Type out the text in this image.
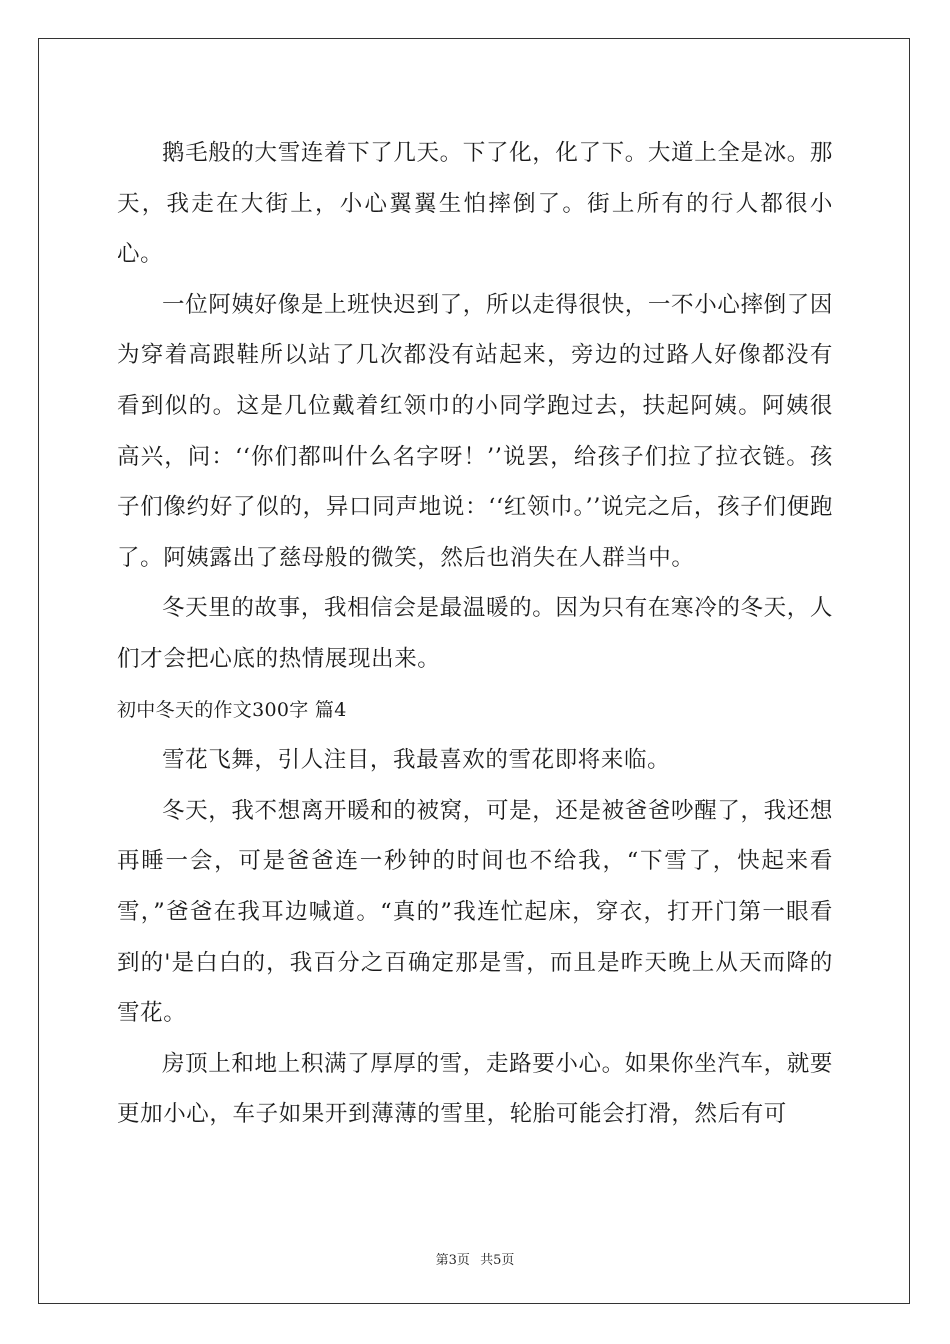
鹅毛般的大雪连着下了几天。下了化，化了下。大道上全是冰。那天，我走在大街上，小心翼翼生怕摔倒了。街上所有的行人都很小心。

一位阿姨好像是上班快迟到了，所以走得很快，一不小心摔倒了因为穿着高跟鞋所以站了几次都没有站起来，旁边的过路人好像都没有看到似的。这是几位戴着红领巾的小同学跑过去，扶起阿姨。阿姨很高兴，问：‘‘你们都叫什么名字呀！’’说罢，给孩子们拉了拉衣链。孩子们像约好了似的，异口同声地说：‘‘红领巾。’’说完之后，孩子们便跑了。阿姨露出了慈母般的微笑，然后也消失在人群当中。

冬天里的故事，我相信会是最温暖的。因为只有在寒冷的冬天，人们才会把心底的热情展现出来。

初中冬天的作文300字 篇4

雪花飞舞，引人注目，我最喜欢的雪花即将来临。

冬天，我不想离开暖和的被窝，可是，还是被爸爸吵醒了，我还想再睡一会，可是爸爸连一秒钟的时间也不给我，“下雪了，快起来看雪，”爸爸在我耳边喊道。“真的”我连忙起床，穿衣，打开门第一眼看到的'是白白的，我百分之百确定那是雪，而且是昨天晚上从天而降的雪花。

房顶上和地上积满了厚厚的雪，走路要小心。如果你坐汽车，就要更加小心，车子如果开到薄薄的雪里，轮胎可能会打滑，然后有可

第3页 共5页
